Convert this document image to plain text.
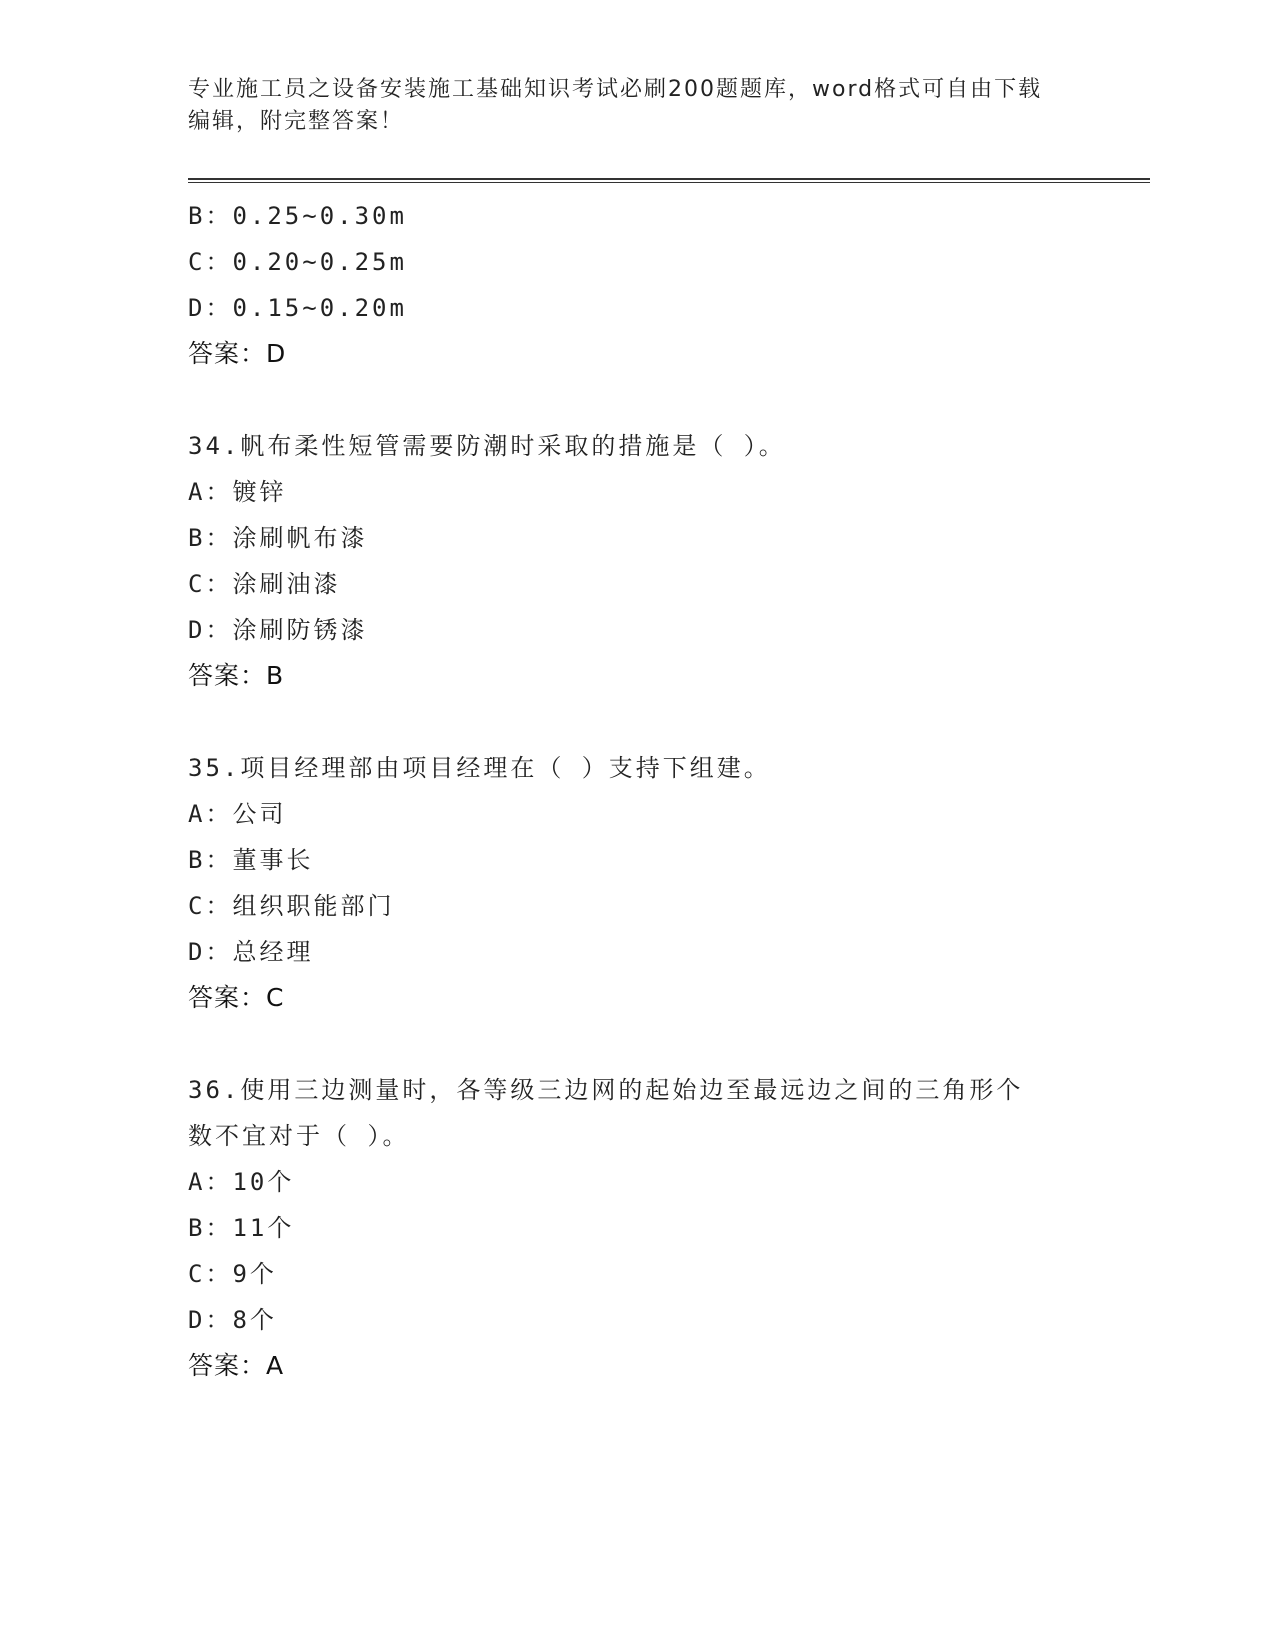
专业施工员之设备安装施工基础知识考试必刷200题题库，word格式可自由下载
编辑，附完整答案！
B：0.25~0.30m
C：0.20~0.25m
D：0.15~0.20m
答案：D
34.帆布柔性短管需要防潮时采取的措施是（ ）。
A：镀锌
B：涂刷帆布漆
C：涂刷油漆
D：涂刷防锈漆
答案：B
35.项目经理部由项目经理在（ ）支持下组建。
A：公司
B：董事长
C：组织职能部门
D：总经理
答案：C
36.使用三边测量时，各等级三边网的起始边至最远边之间的三角形个
数不宜对于（ ）。
A：10个
B：11个
C：9个
D：8个
答案：A
